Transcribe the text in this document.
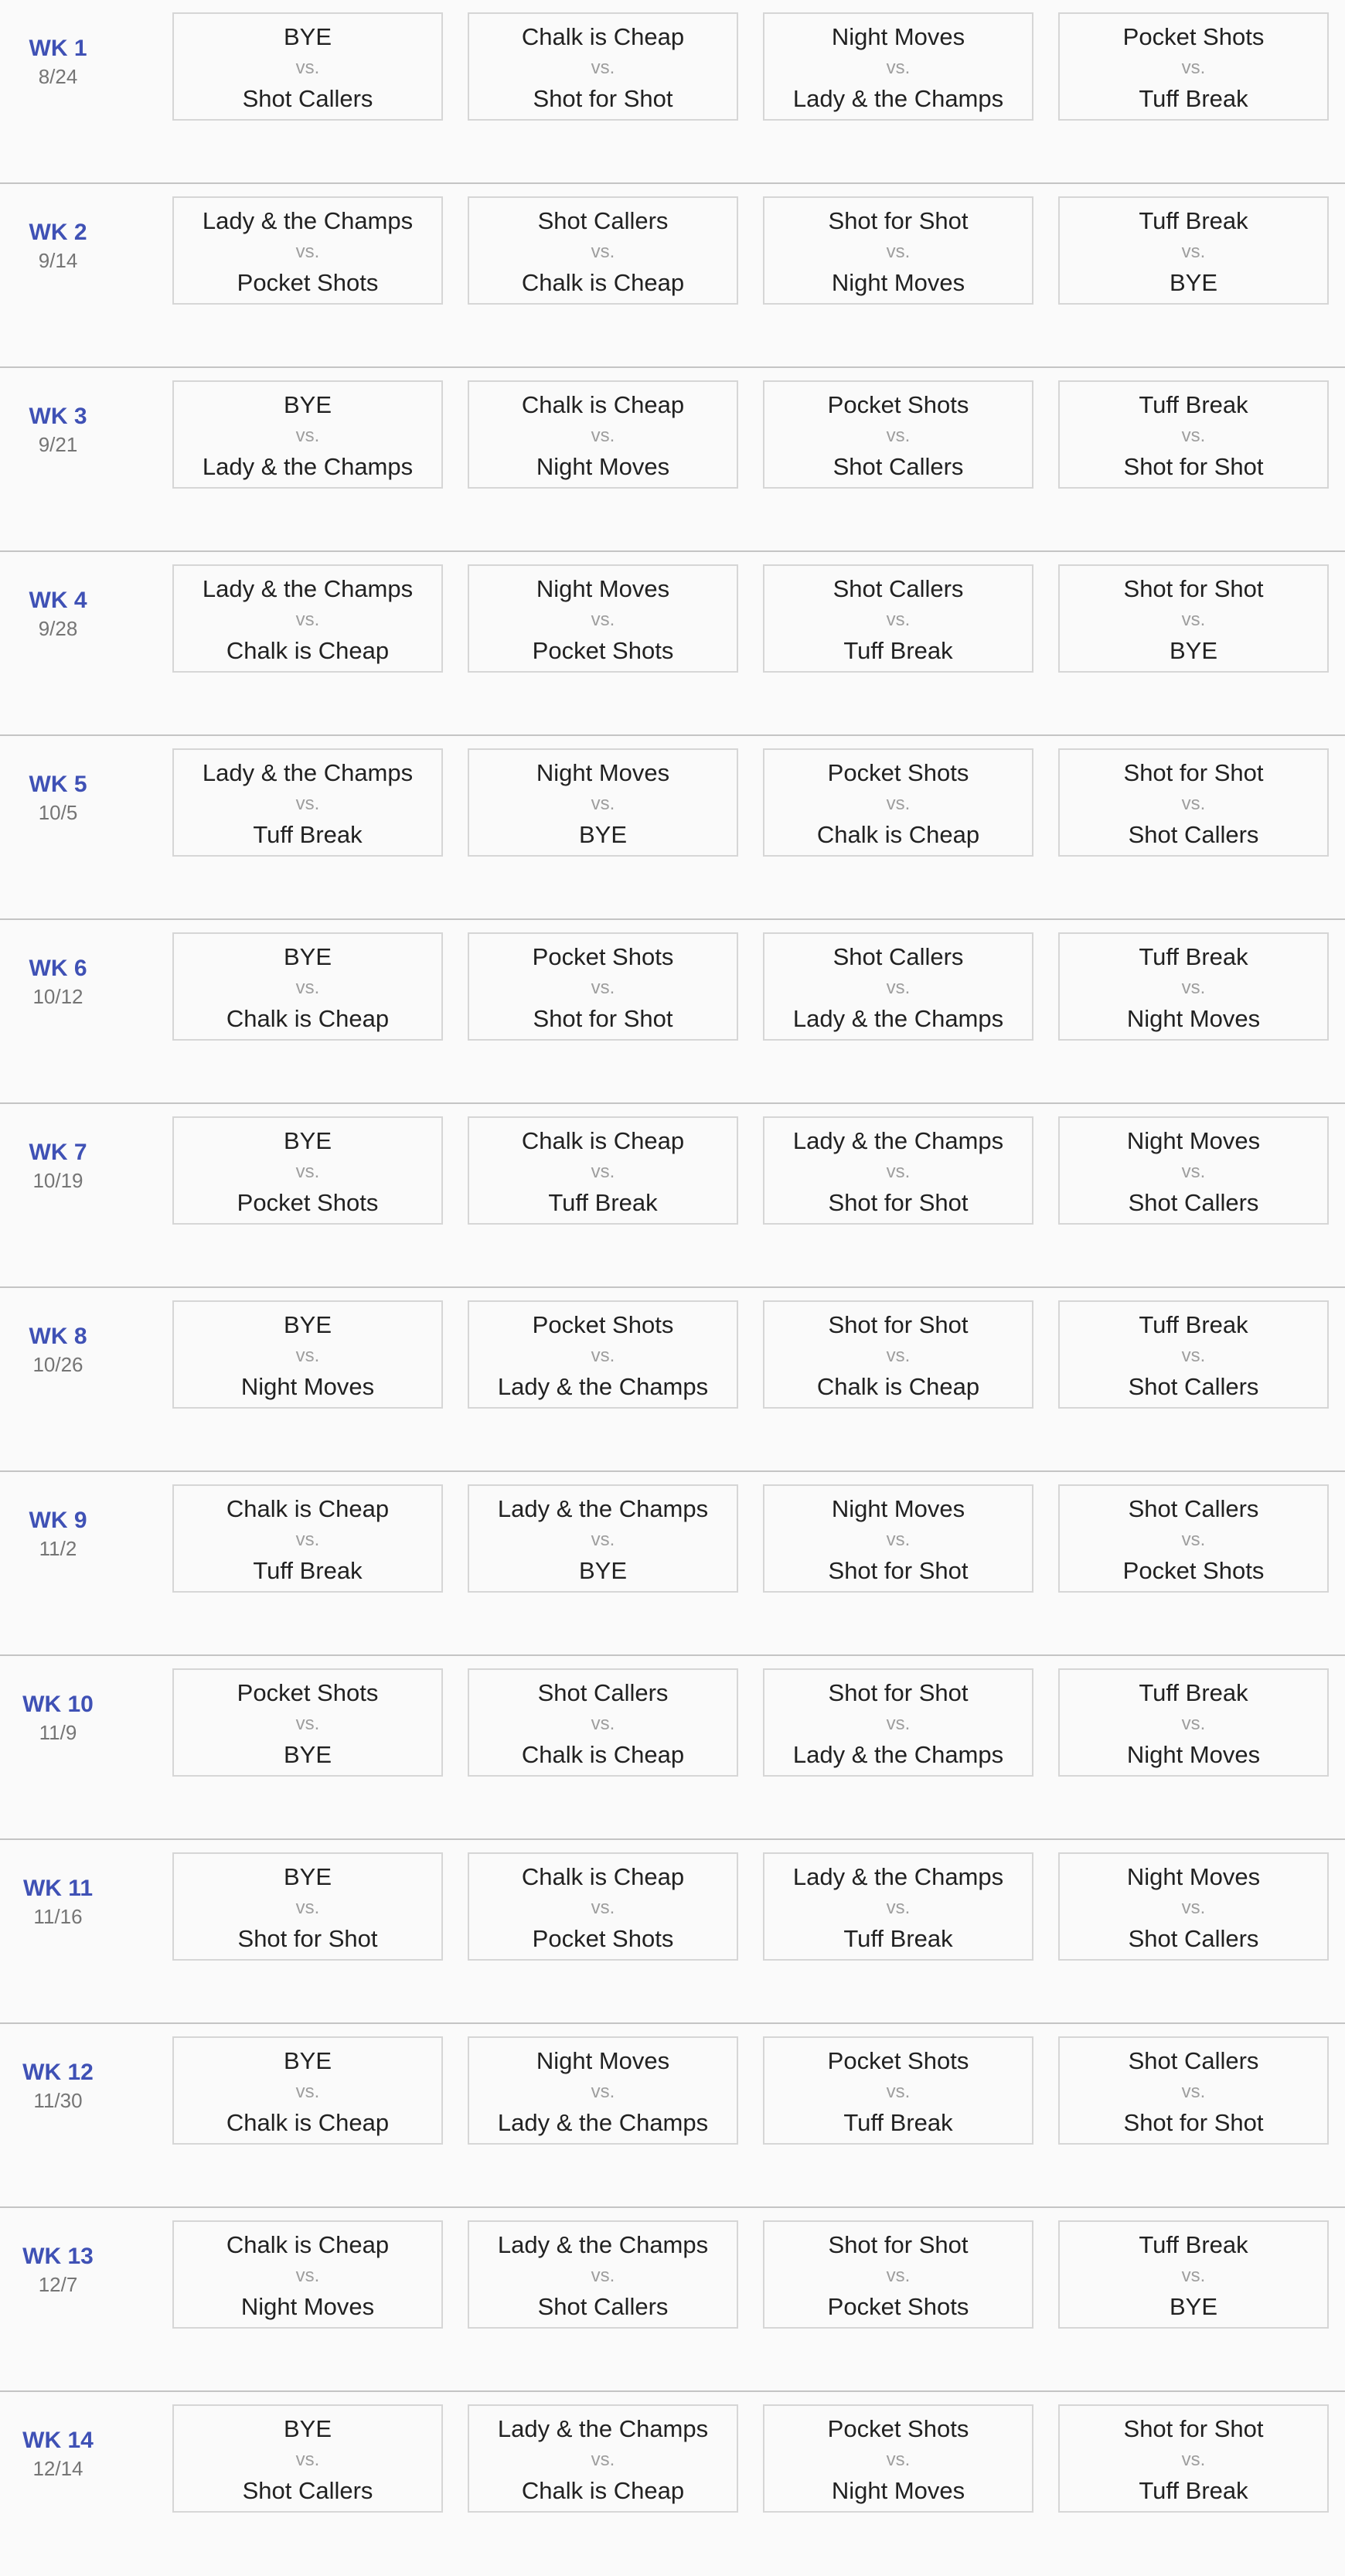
WK 1
8/24
BYE
vs.
Shot Callers
Chalk is Cheap
vs.
Shot for Shot
Night Moves
vs.
Lady & the Champs
Pocket Shots
vs.
Tuff Break
WK 2
9/14
Lady & the Champs
vs.
Pocket Shots
Shot Callers
vs.
Chalk is Cheap
Shot for Shot
vs.
Night Moves
Tuff Break
vs.
BYE
WK 3
9/21
BYE
vs.
Lady & the Champs
Chalk is Cheap
vs.
Night Moves
Pocket Shots
vs.
Shot Callers
Tuff Break
vs.
Shot for Shot
WK 4
9/28
Lady & the Champs
vs.
Chalk is Cheap
Night Moves
vs.
Pocket Shots
Shot Callers
vs.
Tuff Break
Shot for Shot
vs.
BYE
WK 5
10/5
Lady & the Champs
vs.
Tuff Break
Night Moves
vs.
BYE
Pocket Shots
vs.
Chalk is Cheap
Shot for Shot
vs.
Shot Callers
WK 6
10/12
BYE
vs.
Chalk is Cheap
Pocket Shots
vs.
Shot for Shot
Shot Callers
vs.
Lady & the Champs
Tuff Break
vs.
Night Moves
WK 7
10/19
BYE
vs.
Pocket Shots
Chalk is Cheap
vs.
Tuff Break
Lady & the Champs
vs.
Shot for Shot
Night Moves
vs.
Shot Callers
WK 8
10/26
BYE
vs.
Night Moves
Pocket Shots
vs.
Lady & the Champs
Shot for Shot
vs.
Chalk is Cheap
Tuff Break
vs.
Shot Callers
WK 9
11/2
Chalk is Cheap
vs.
Tuff Break
Lady & the Champs
vs.
BYE
Night Moves
vs.
Shot for Shot
Shot Callers
vs.
Pocket Shots
WK 10
11/9
Pocket Shots
vs.
BYE
Shot Callers
vs.
Chalk is Cheap
Shot for Shot
vs.
Lady & the Champs
Tuff Break
vs.
Night Moves
WK 11
11/16
BYE
vs.
Shot for Shot
Chalk is Cheap
vs.
Pocket Shots
Lady & the Champs
vs.
Tuff Break
Night Moves
vs.
Shot Callers
WK 12
11/30
BYE
vs.
Chalk is Cheap
Night Moves
vs.
Lady & the Champs
Pocket Shots
vs.
Tuff Break
Shot Callers
vs.
Shot for Shot
WK 13
12/7
Chalk is Cheap
vs.
Night Moves
Lady & the Champs
vs.
Shot Callers
Shot for Shot
vs.
Pocket Shots
Tuff Break
vs.
BYE
WK 14
12/14
BYE
vs.
Shot Callers
Lady & the Champs
vs.
Chalk is Cheap
Pocket Shots
vs.
Night Moves
Shot for Shot
vs.
Tuff Break
